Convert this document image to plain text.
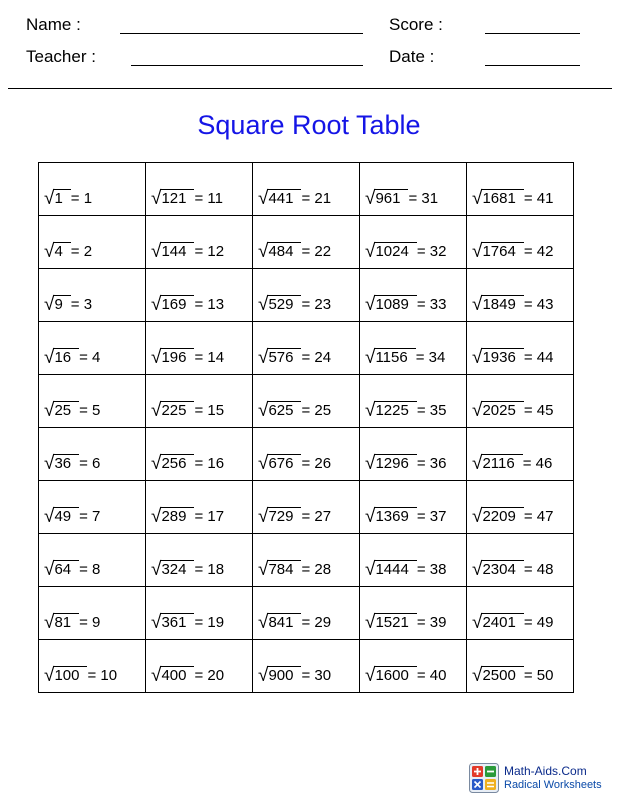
Name :	Score :
Teacher :	Date :
Square Root Table
√1 = 1	√121 = 11	√441 = 21	√961 = 31	√1681 = 41

√4 = 2	√144 = 12	√484 = 22	√1024 = 32	√1764 = 42

√9 = 3	√169 = 13	√529 = 23	√1089 = 33	√1849 = 43

√16 = 4	√196 = 14	√576 = 24	√1156 = 34	√1936 = 44

√25 = 5	√225 = 15	√625 = 25	√1225 = 35	√2025 = 45

√36 = 6	√256 = 16	√676 = 26	√1296 = 36	√2116 = 46

√49 = 7	√289 = 17	√729 = 27	√1369 = 37	√2209 = 47

√64 = 8	√324 = 18	√784 = 28	√1444 = 38	√2304 = 48

√81 = 9	√361 = 19	√841 = 29	√1521 = 39	√2401 = 49

√100 = 10	√400 = 20	√900 = 30	√1600 = 40	√2500 = 50
Math-Aids.Com
Radical Worksheets
